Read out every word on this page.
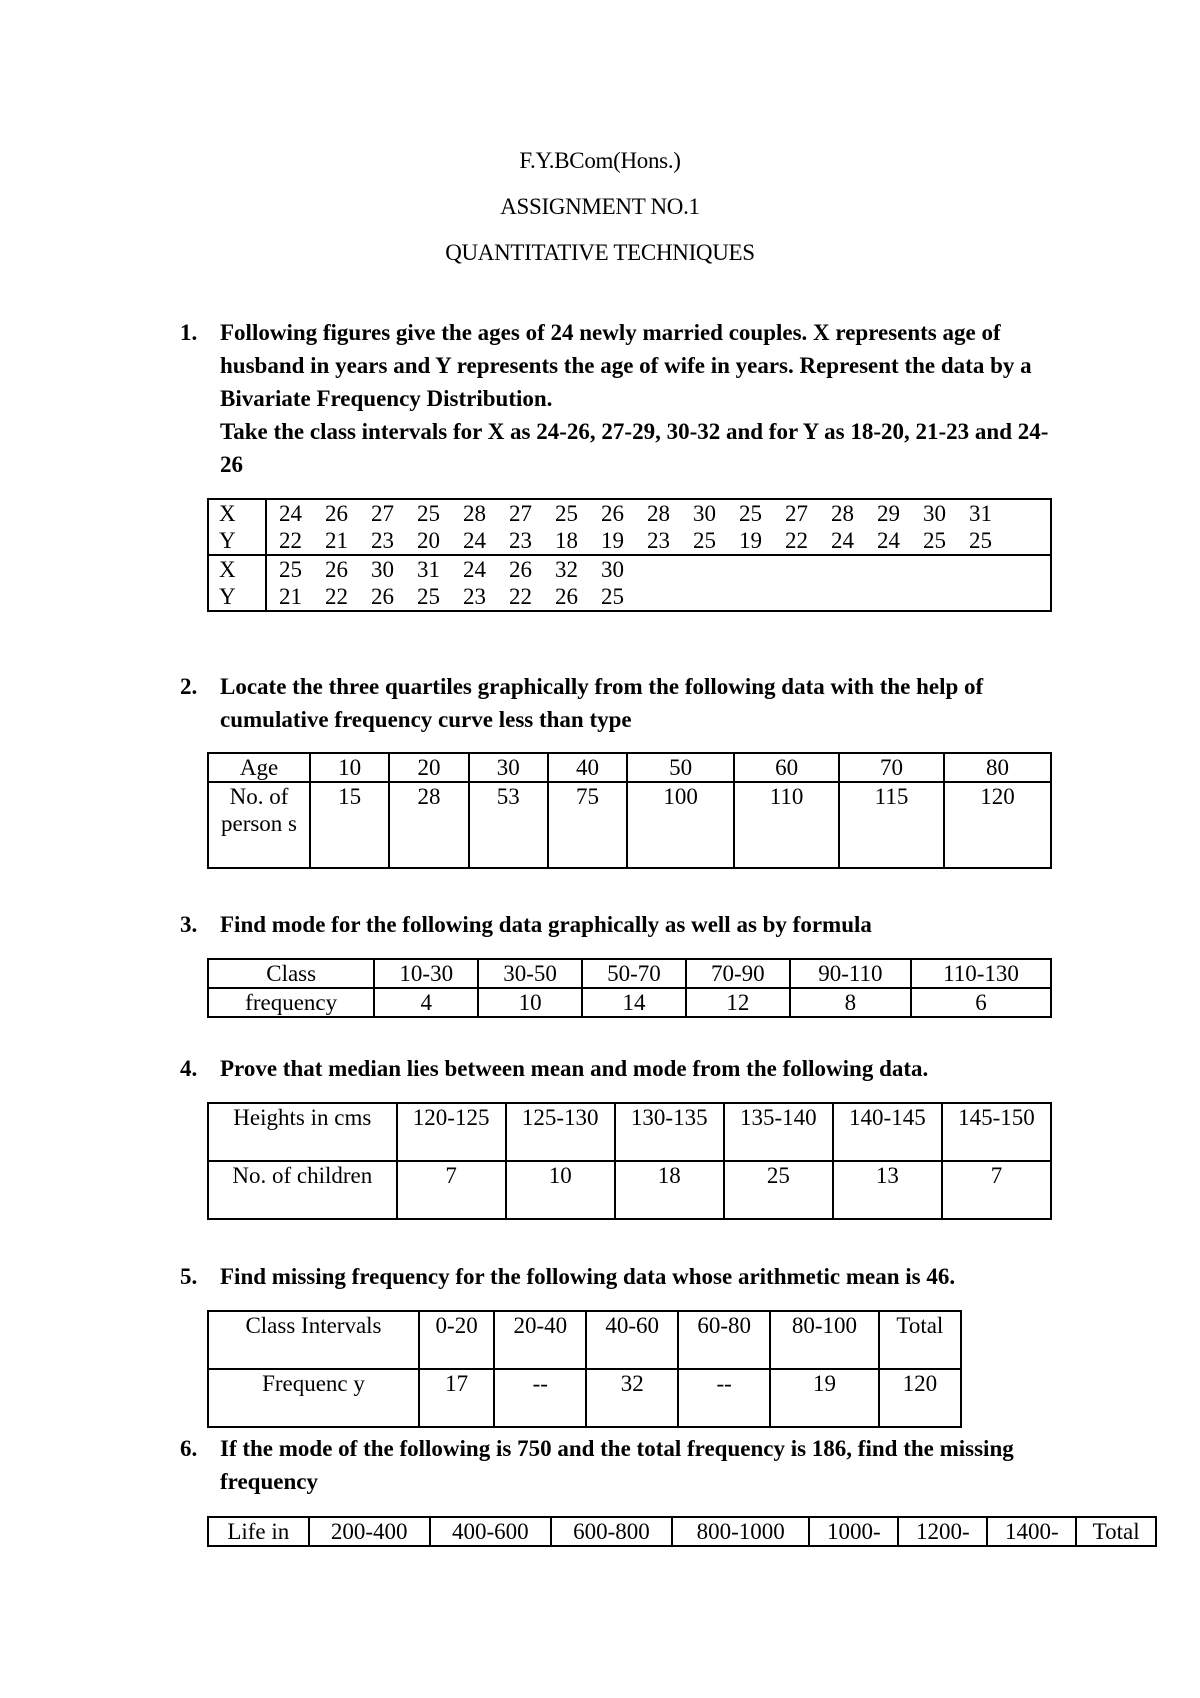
F.Y.BCom(Hons.)
ASSIGNMENT NO.1
QUANTITATIVE TECHNIQUES
1. Following figures give the ages of 24 newly married couples. X represents age of husband in years and Y represents the age of wife in years. Represent the data by a Bivariate Frequency Distribution.

Take the class intervals for X as 24-26, 27-29, 30-32 and for Y as 18-20, 21-23 and 24-26

X	24 26 27 25 28 27 25 26 28 30 25 27 28 29 30 31
Y	22 21 23 20 24 23 18 19 23 25 19 22 24 24 25 25
X	25 26 30 31 24 26 32 30
Y	21 22 26 25 23 22 26 25
2. Locate the three quartiles graphically from the following data with the help of cumulative frequency curve less than type

Age	10	20	30	40	50	60	70	80
No. of person s	15	28	53	75	100	110	115	120
3. Find mode for the following data graphically as well as by formula

Class	10-30	30-50	50-70	70-90	90-110	110-130
frequency	4	10	14	12	8	6
4. Prove that median lies between mean and mode from the following data.

Heights in cms	120-125	125-130	130-135	135-140	140-145	145-150
No. of children	7	10	18	25	13	7
5. Find missing frequency for the following data whose arithmetic mean is 46.

Class Intervals	0-20	20-40	40-60	60-80	80-100	Total
Frequenc y	17	--	32	--	19	120
6. If the mode of the following is 750 and the total frequency is 186, find the missing frequency

Life in	200-400	400-600	600-800	800-1000	1000-	1200-	1400-	Total
